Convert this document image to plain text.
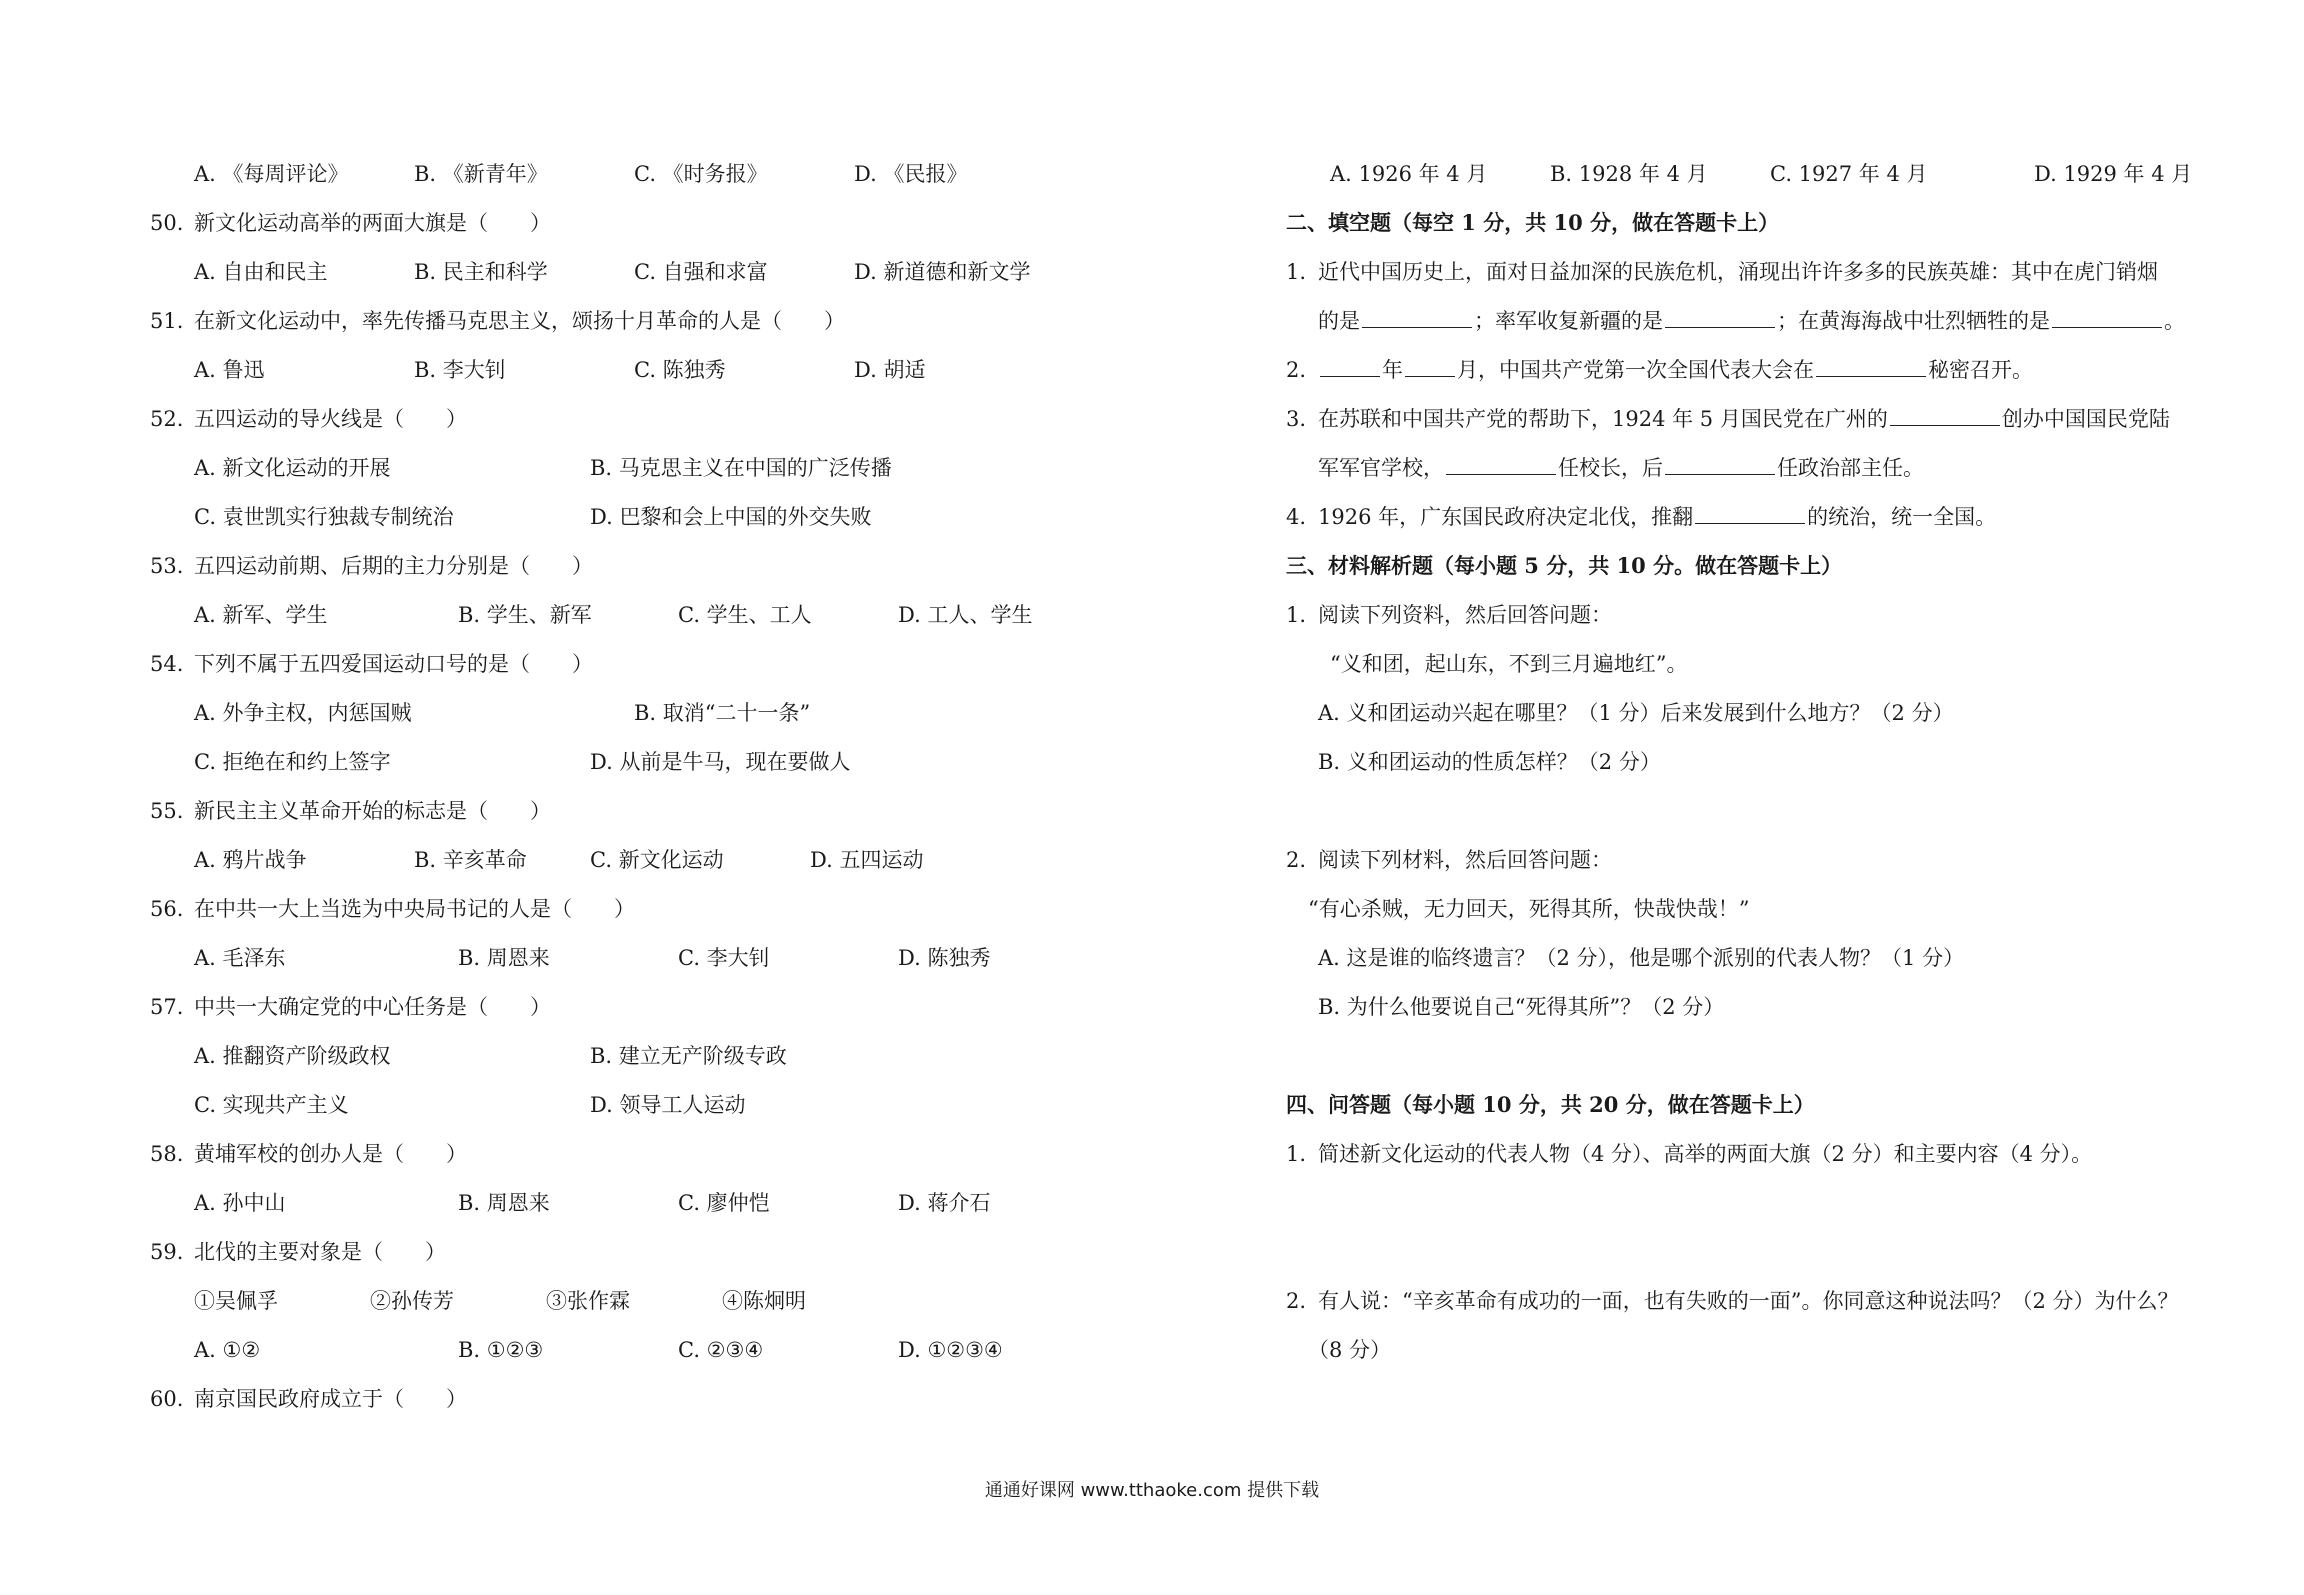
A. 《每周评论》	B. 《新青年》	C. 《时务报》	D. 《民报》
50. 新文化运动高举的两面大旗是（　　）
A. 自由和民主	B. 民主和科学	C. 自强和求富	D. 新道德和新文学
51. 在新文化运动中，率先传播马克思主义，颂扬十月革命的人是（　　）
A. 鲁迅	B. 李大钊	C. 陈独秀	D. 胡适
52. 五四运动的导火线是（　　）
A. 新文化运动的开展	B. 马克思主义在中国的广泛传播
C. 袁世凯实行独裁专制统治	D. 巴黎和会上中国的外交失败
53. 五四运动前期、后期的主力分别是（　　）
A. 新军、学生	B. 学生、新军	C. 学生、工人	D. 工人、学生
54. 下列不属于五四爱国运动口号的是（　　）
A. 外争主权，内惩国贼	B. 取消“二十一条”
C. 拒绝在和约上签字	D. 从前是牛马，现在要做人
55. 新民主主义革命开始的标志是（　　）
A. 鸦片战争	B. 辛亥革命	C. 新文化运动	D. 五四运动
56. 在中共一大上当选为中央局书记的人是（　　）
A. 毛泽东	B. 周恩来	C. 李大钊	D. 陈独秀
57. 中共一大确定党的中心任务是（　　）
A. 推翻资产阶级政权	B. 建立无产阶级专政
C. 实现共产主义	D. 领导工人运动
58. 黄埔军校的创办人是（　　）
A. 孙中山	B. 周恩来	C. 廖仲恺	D. 蒋介石
59. 北伐的主要对象是（　　）
①吴佩孚	②孙传芳	③张作霖	④陈炯明
A. ①②	B. ①②③	C. ②③④	D. ①②③④
60. 南京国民政府成立于（　　）
A. 1926 年 4 月	B. 1928 年 4 月	C. 1927 年 4 月	D. 1929 年 4 月
二、填空题（每空 1 分，共 10 分，做在答题卡上）
1. 近代中国历史上，面对日益加深的民族危机，涌现出许许多多的民族英雄：其中在虎门销烟
的是	；率军收复新疆的是	；在黄海海战中壮烈牺牲的是	。
2.	年	月，中国共产党第一次全国代表大会在	秘密召开。
3. 在苏联和中国共产党的帮助下，1924 年 5 月国民党在广州的	创办中国国民党陆
军军官学校，	任校长，后	任政治部主任。
4. 1926 年，广东国民政府决定北伐，推翻	的统治，统一全国。
三、材料解析题（每小题 5 分，共 10 分。做在答题卡上）
1. 阅读下列资料，然后回答问题：
“义和团，起山东，不到三月遍地红”。
A. 义和团运动兴起在哪里？（1 分）后来发展到什么地方？（2 分）
B. 义和团运动的性质怎样？（2 分）
2. 阅读下列材料，然后回答问题：
“有心杀贼，无力回天，死得其所，快哉快哉！”
A. 这是谁的临终遗言？（2 分），他是哪个派别的代表人物？（1 分）
B. 为什么他要说自己“死得其所”？（2 分）
四、问答题（每小题 10 分，共 20 分，做在答题卡上）
1. 简述新文化运动的代表人物（4 分）、高举的两面大旗（2 分）和主要内容（4 分）。
2. 有人说：“辛亥革命有成功的一面，也有失败的一面”。你同意这种说法吗？（2 分）为什么？
（8 分）
通通好课网 www.tthaoke.com 提供下载
